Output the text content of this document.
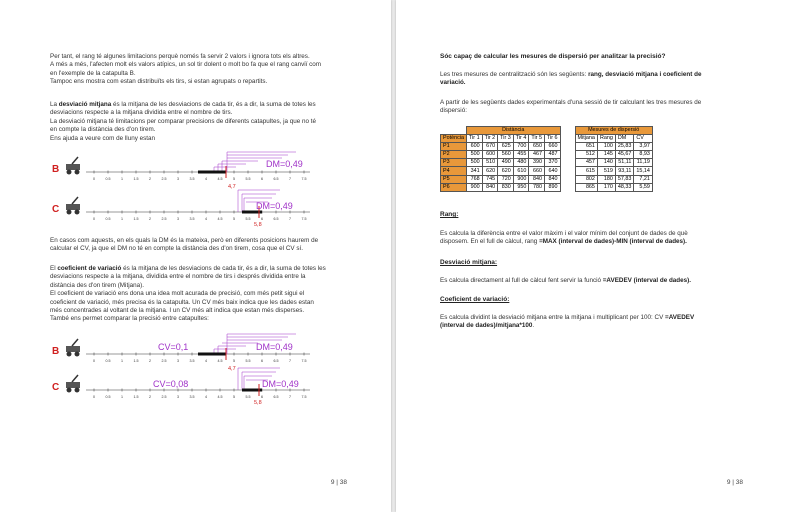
Per tant, el rang té algunes limitacions perquè només fa servir 2 valors i ignora tots els altres.
A més a més, l'afecten molt els valors atípics, un sol tir dolent o molt bo fa que el rang canviï com
en l'exemple de la catapulta B.
Tampoc ens mostra com estan distribuïts els tirs, si estan agrupats o repartits.
La desviació mitjana és la mitjana de les desviacions de cada tir, és a dir, la suma de totes les
desviacions respecte a la mitjana dividida entre el nombre de tirs.
La desviació mitjana té limitacions per comparar precisions de diferents catapultes, ja que no té
en compte la distància des d'on tirem.
Ens ajuda a veure com de lluny estan
B
0	0.5	1	1.5	2	2.5	3	3.5	4	4.5	5	5.5	6	6.5	7	7.5
4,7
DM=0,49
C
0	0.5	1	1.5	2	2.5	3	3.5	4	4.5	5	5.5	6	6.5	7	7.5
5,8
DM=0,49
En casos com aquests, en els quals la DM és la mateixa, però en diferents posicions haurem de
calcular el CV, ja que el DM no té en compte la distància des d'on tirem, cosa que el CV sí.
El coeficient de variació és la mitjana de les desviacions de cada tir, és a dir, la suma de totes les
desviacions respecte a la mitjana, dividida entre el nombre de tirs i després dividida entre la
distància des d'on tirem (Mitjana).
El coeficient de variació ens dona una idea molt acurada de precisió, com més petit sigui el
coeficient de variació, més precisa és la catapulta. Un CV més baix indica que les dades estan
més concentrades al voltant de la mitjana. I un CV més alt indica que estan més disperses.
També ens permet comparar la precisió entre catapultes:
B
0	0.5	1	1.5	2	2.5	3	3.5	4	4.5	5	5.5	6	6.5	7	7.5
4,7
CV=0,1	DM=0,49
C
0	0.5	1	1.5	2	2.5	3	3.5	4	4.5	5	5.5	6	6.5	7	7.5
5,8
CV=0,08	DM=0,49
9 | 38
Sóc capaç de calcular les mesures de dispersió per analitzar la precisió?
Les tres mesures de centralització són les següents: rang, desviació mitjana i coeficient de
variació.
A partir de les següents dades experimentals d'una sessió de tir calculant les tres mesures de
dispersió:
	Distància							Mesures de dispersió			
Potència	Tir 1	Tir 2	Tir 3	Tir 4	Tir 5	Tir 6		Mitjana	Rang	DM	CV
P1	600	670	625	700	650	660		651	100	25,83	3,97
P2	500	600	560	455	467	487		512	145	45,67	8,93
P3	500	510	490	480	390	370		457	140	51,11	11,19
P4	341	620	620	610	660	640		615	519	93,11	15,14
P5	768	745	720	900	840	840		802	180	57,83	7,21
P6	900	840	830	950	780	890		865	170	48,33	5,59
Rang:
Es calcula la diferència entre el valor màxim i el valor mínim del conjunt de dades de què
disposem. En el full de càlcul, rang =MAX (interval de dades)-MIN (interval de dades).
Desviació mitjana:
Es calcula directament al full de càlcul fent servir la funció =AVEDEV (interval de dades).
Coeficient de variació:
Es calcula dividint la desviació mitjana entre la mitjana i multiplicant per 100: CV =AVEDEV
(interval de dades)/mitjana*100.
9 | 38
